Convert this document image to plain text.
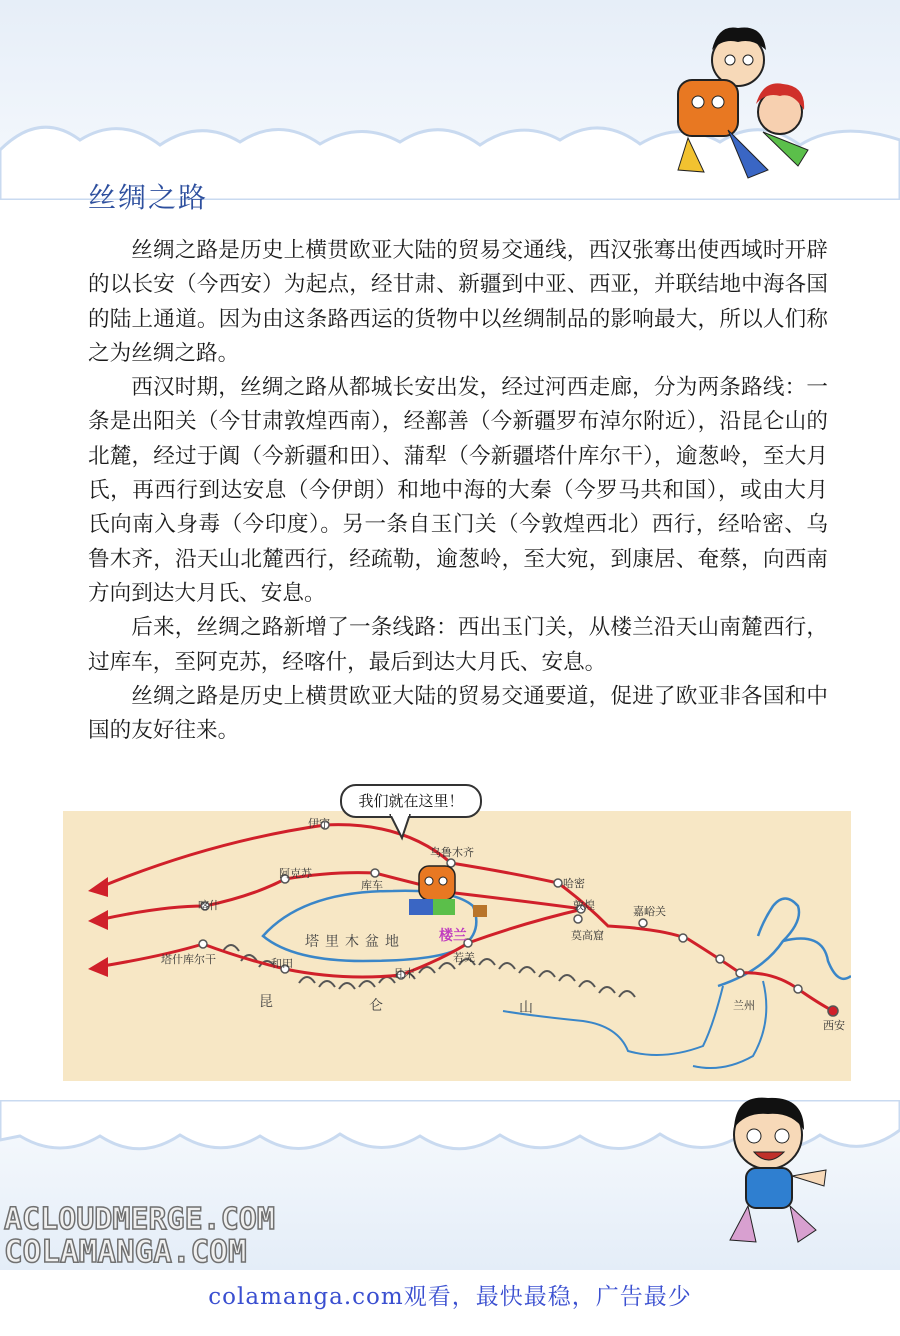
丝绸之路

丝绸之路是历史上横贯欧亚大陆的贸易交通线，西汉张骞出使西域时开辟的以长安（今西安）为起点，经甘肃、新疆到中亚、西亚，并联结地中海各国的陆上通道。因为由这条路西运的货物中以丝绸制品的影响最大，所以人们称之为丝绸之路。

西汉时期，丝绸之路从都城长安出发，经过河西走廊，分为两条路线：一条是出阳关（今甘肃敦煌西南），经鄯善（今新疆罗布淖尔附近），沿昆仑山的北麓，经过于阗（今新疆和田）、蒲犁（今新疆塔什库尔干），逾葱岭，至大月氏，再西行到达安息（今伊朗）和地中海的大秦（今罗马共和国），或由大月氏向南入身毒（今印度）。另一条自玉门关（今敦煌西北）西行，经哈密、乌鲁木齐，沿天山北麓西行，经疏勒，逾葱岭，至大宛，到康居、奄蔡，向西南方向到达大月氏、安息。

后来，丝绸之路新增了一条线路：西出玉门关，从楼兰沿天山南麓西行，过库车，至阿克苏，经喀什，最后到达大月氏、安息。

丝绸之路是历史上横贯欧亚大陆的贸易交通要道，促进了欧亚非各国和中国的友好往来。

伊宁
乌鲁木齐
哈密
阿克苏
库车
喀什	敦煌	嘉峪关
莫高窟
楼兰
若羌
且末
和田
塔什库尔干
兰州
西安
塔里木盆地
昆	仑	山
我们就在这里！
ACLOUDMERGE.COM
COLAMANGA.COM
colamanga.com观看，最快最稳，广告最少
